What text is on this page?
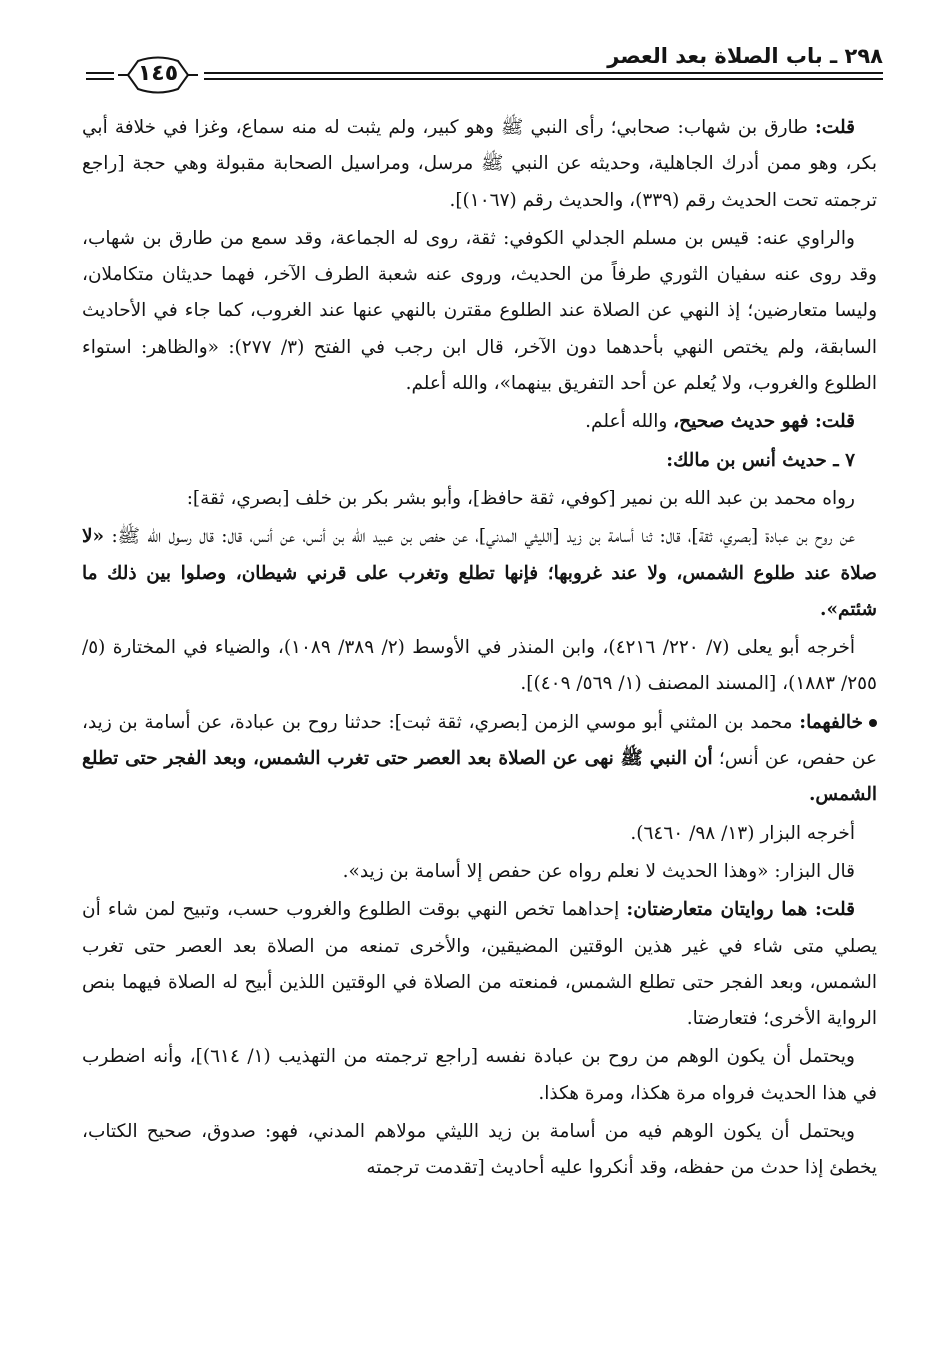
٢٩٨ ـ باب الصلاة بعد العصر
١٤٥

قلت: طارق بن شهاب: صحابي؛ رأى النبي ﷺ وهو كبير، ولم يثبت له منه سماع، وغزا في خلافة أبي بكر، وهو ممن أدرك الجاهلية، وحديثه عن النبي ﷺ مرسل، ومراسيل الصحابة مقبولة وهي حجة [راجع ترجمته تحت الحديث رقم (٣٣٩)، والحديث رقم (١٠٦٧)].

والراوي عنه: قيس بن مسلم الجدلي الكوفي: ثقة، روى له الجماعة، وقد سمع من طارق بن شهاب، وقد روى عنه سفيان الثوري طرفاً من الحديث، وروى عنه شعبة الطرف الآخر، فهما حديثان متكاملان، وليسا متعارضين؛ إذ النهي عن الصلاة عند الطلوع مقترن بالنهي عنها عند الغروب، كما جاء في الأحاديث السابقة، ولم يختص النهي بأحدهما دون الآخر، قال ابن رجب في الفتح (٣/ ٢٧٧): «والظاهر: استواء الطلوع والغروب، ولا يُعلم عن أحد التفريق بينهما»، والله أعلم.

قلت: فهو حديث صحيح، والله أعلم.

٧ ـ حديث أنس بن مالك:

رواه محمد بن عبد الله بن نمير [كوفي، ثقة حافظ]، وأبو بشر بكر بن خلف [بصري، ثقة]:

عن روح بن عبادة [بصري، ثقة]، قال: ثنا أسامة بن زيد [الليثي المدني]، عن حفص بن عبيد الله بن أنس، عن أنس، قال: قال رسول الله ﷺ: «لا صلاة عند طلوع الشمس، ولا عند غروبها؛ فإنها تطلع وتغرب على قرني شيطان، وصلوا بين ذلك ما شئتم».

أخرجه أبو يعلى (٧/ ٢٢٠/ ٤٢١٦)، وابن المنذر في الأوسط (٢/ ٣٨٩/ ١٠٨٩)، والضياء في المختارة (٥/ ٢٥٥/ ١٨٨٣)، [المسند المصنف (١/ ٥٦٩/ ٤٠٩)].

خالفهما: محمد بن المثني أبو موسي الزمن [بصري، ثقة ثبت]: حدثنا روح بن عبادة، عن أسامة بن زيد، عن حفص، عن أنس؛ أن النبي ﷺ نهى عن الصلاة بعد العصر حتى تغرب الشمس، وبعد الفجر حتى تطلع الشمس.

أخرجه البزار (١٣/ ٩٨/ ٦٤٦٠).

قال البزار: «وهذا الحديث لا نعلم رواه عن حفص إلا أسامة بن زيد».

قلت: هما روايتان متعارضتان: إحداهما تخص النهي بوقت الطلوع والغروب حسب، وتبيح لمن شاء أن يصلي متى شاء في غير هذين الوقتين المضيقين، والأخرى تمنعه من الصلاة بعد العصر حتى تغرب الشمس، وبعد الفجر حتى تطلع الشمس، فمنعته من الصلاة في الوقتين اللذين أبيح له الصلاة فيهما بنص الرواية الأخرى؛ فتعارضتا.

ويحتمل أن يكون الوهم من روح بن عبادة نفسه [راجع ترجمته من التهذيب (١/ ٦١٤)]، وأنه اضطرب في هذا الحديث فرواه مرة هكذا، ومرة هكذا.

ويحتمل أن يكون الوهم فيه من أسامة بن زيد الليثي مولاهم المدني، فهو: صدوق، صحيح الكتاب، يخطئ إذا حدث من حفظه، وقد أنكروا عليه أحاديث [تقدمت ترجمته
